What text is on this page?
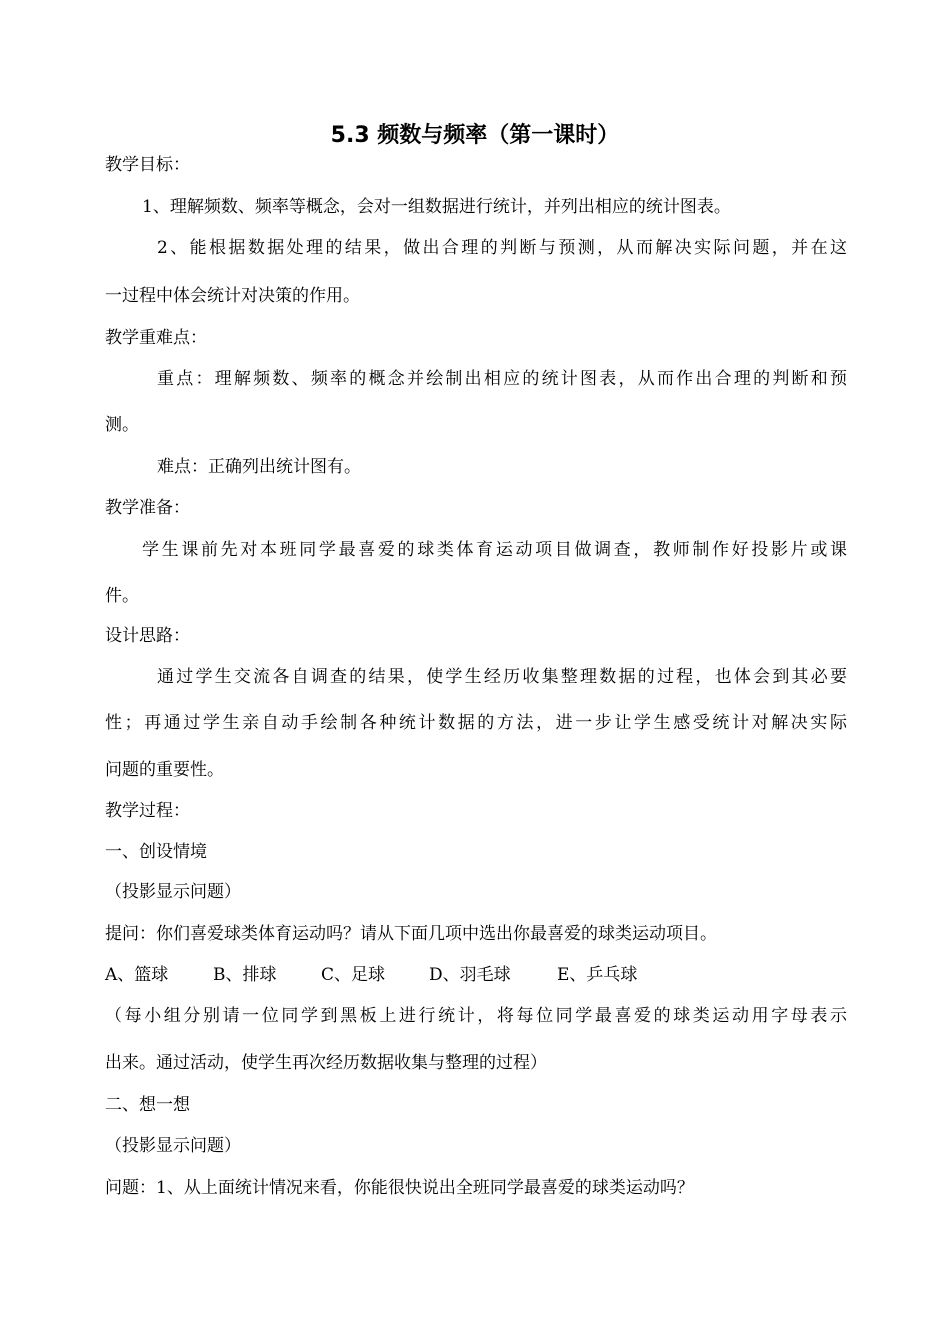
5.3 频数与频率（第一课时）
教学目标：
1、理解频数、频率等概念，会对一组数据进行统计，并列出相应的统计图表。
2、能根据数据处理的结果，做出合理的判断与预测，从而解决实际问题，并在这
一过程中体会统计对决策的作用。
教学重难点：
重点：理解频数、频率的概念并绘制出相应的统计图表，从而作出合理的判断和预
测。
难点：正确列出统计图有。
教学准备：
学生课前先对本班同学最喜爱的球类体育运动项目做调查，教师制作好投影片或课
件。
设计思路：
通过学生交流各自调查的结果，使学生经历收集整理数据的过程，也体会到其必要
性；再通过学生亲自动手绘制各种统计数据的方法，进一步让学生感受统计对解决实际
问题的重要性。
教学过程：
一、创设情境
（投影显示问题）
提问：你们喜爱球类体育运动吗？请从下面几项中选出你最喜爱的球类运动项目。
A、篮球	B、排球	C、足球	D、羽毛球	E、乒乓球
（每小组分别请一位同学到黑板上进行统计，将每位同学最喜爱的球类运动用字母表示
出来。通过活动，使学生再次经历数据收集与整理的过程）
二、想一想
（投影显示问题）
问题：1、从上面统计情况来看，你能很快说出全班同学最喜爱的球类运动吗？
